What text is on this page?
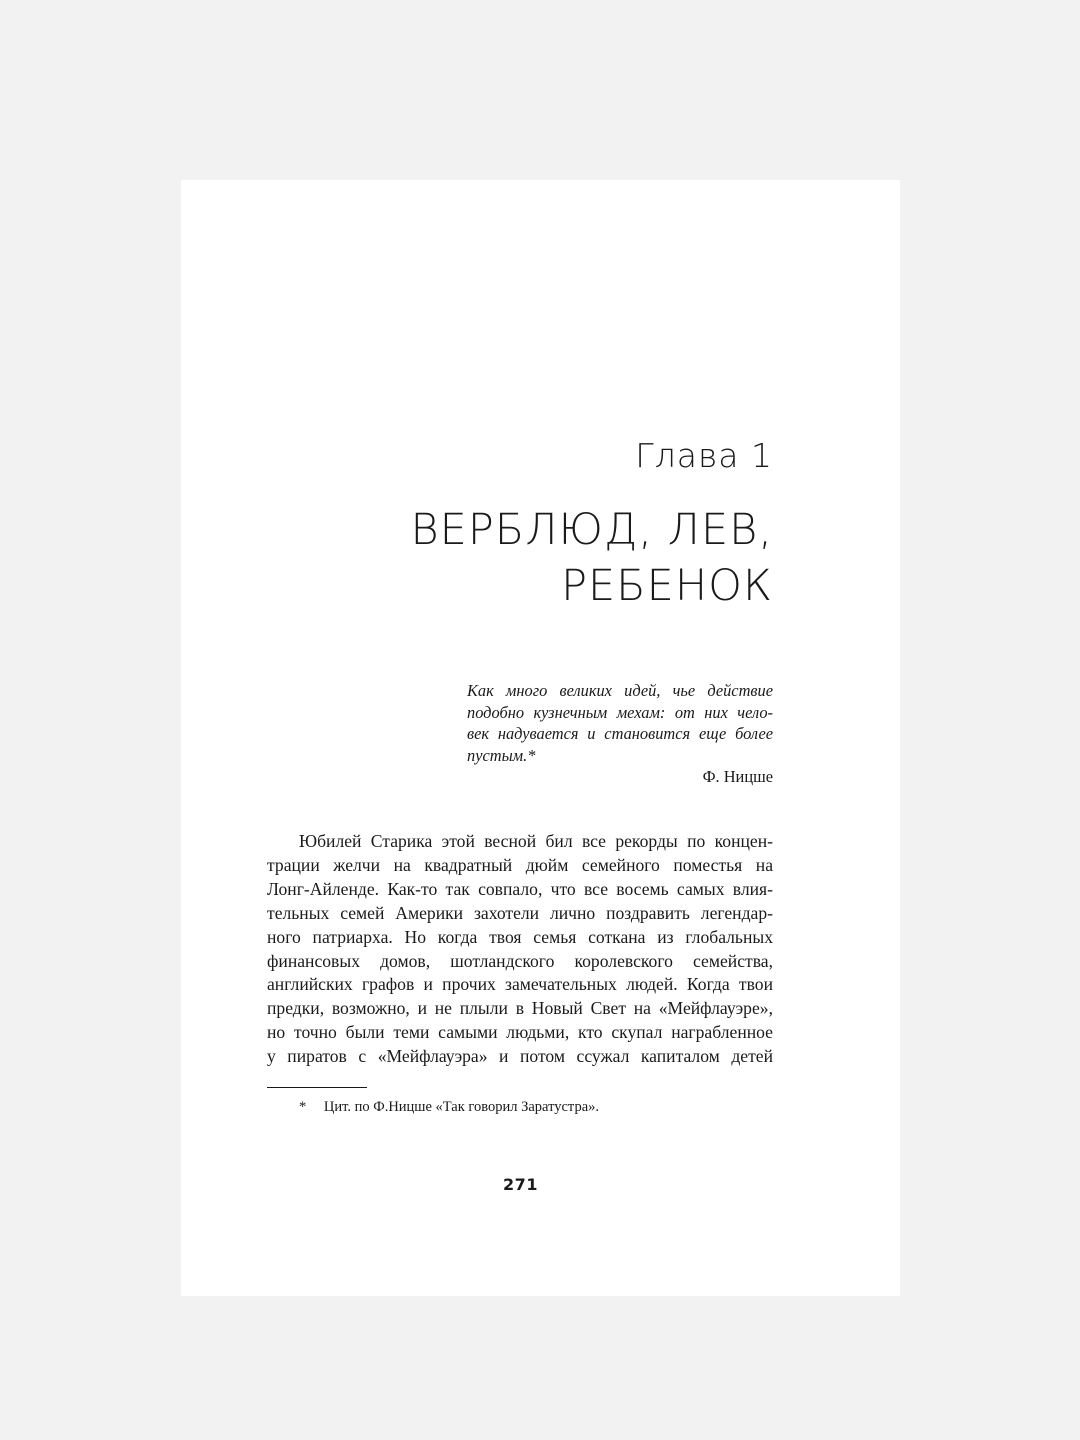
Глава 1
ВЕРБЛЮД, ЛЕВ,
РЕБЕНОК
Как много великих идей, чье действие
подобно кузнечным мехам: от них чело-
век надувается и становится еще более
пустым.*
Ф. Ницше
Юбилей Старика этой весной бил все рекорды по концен-
трации желчи на квадратный дюйм семейного поместья на
Лонг-Айленде. Как-то так совпало, что все восемь самых влия-
тельных семей Америки захотели лично поздравить легендар-
ного патриарха. Но когда твоя семья соткана из глобальных
финансовых домов, шотландского королевского семейства,
английских графов и прочих замечательных людей. Когда твои
предки, возможно, и не плыли в Новый Свет на «Мейфлауэре»,
но точно были теми самыми людьми, кто скупал награбленное
у пиратов с «Мейфлауэра» и потом ссужал капиталом детей
* Цит. по Ф.Ницше «Так говорил Заратустра».
271
